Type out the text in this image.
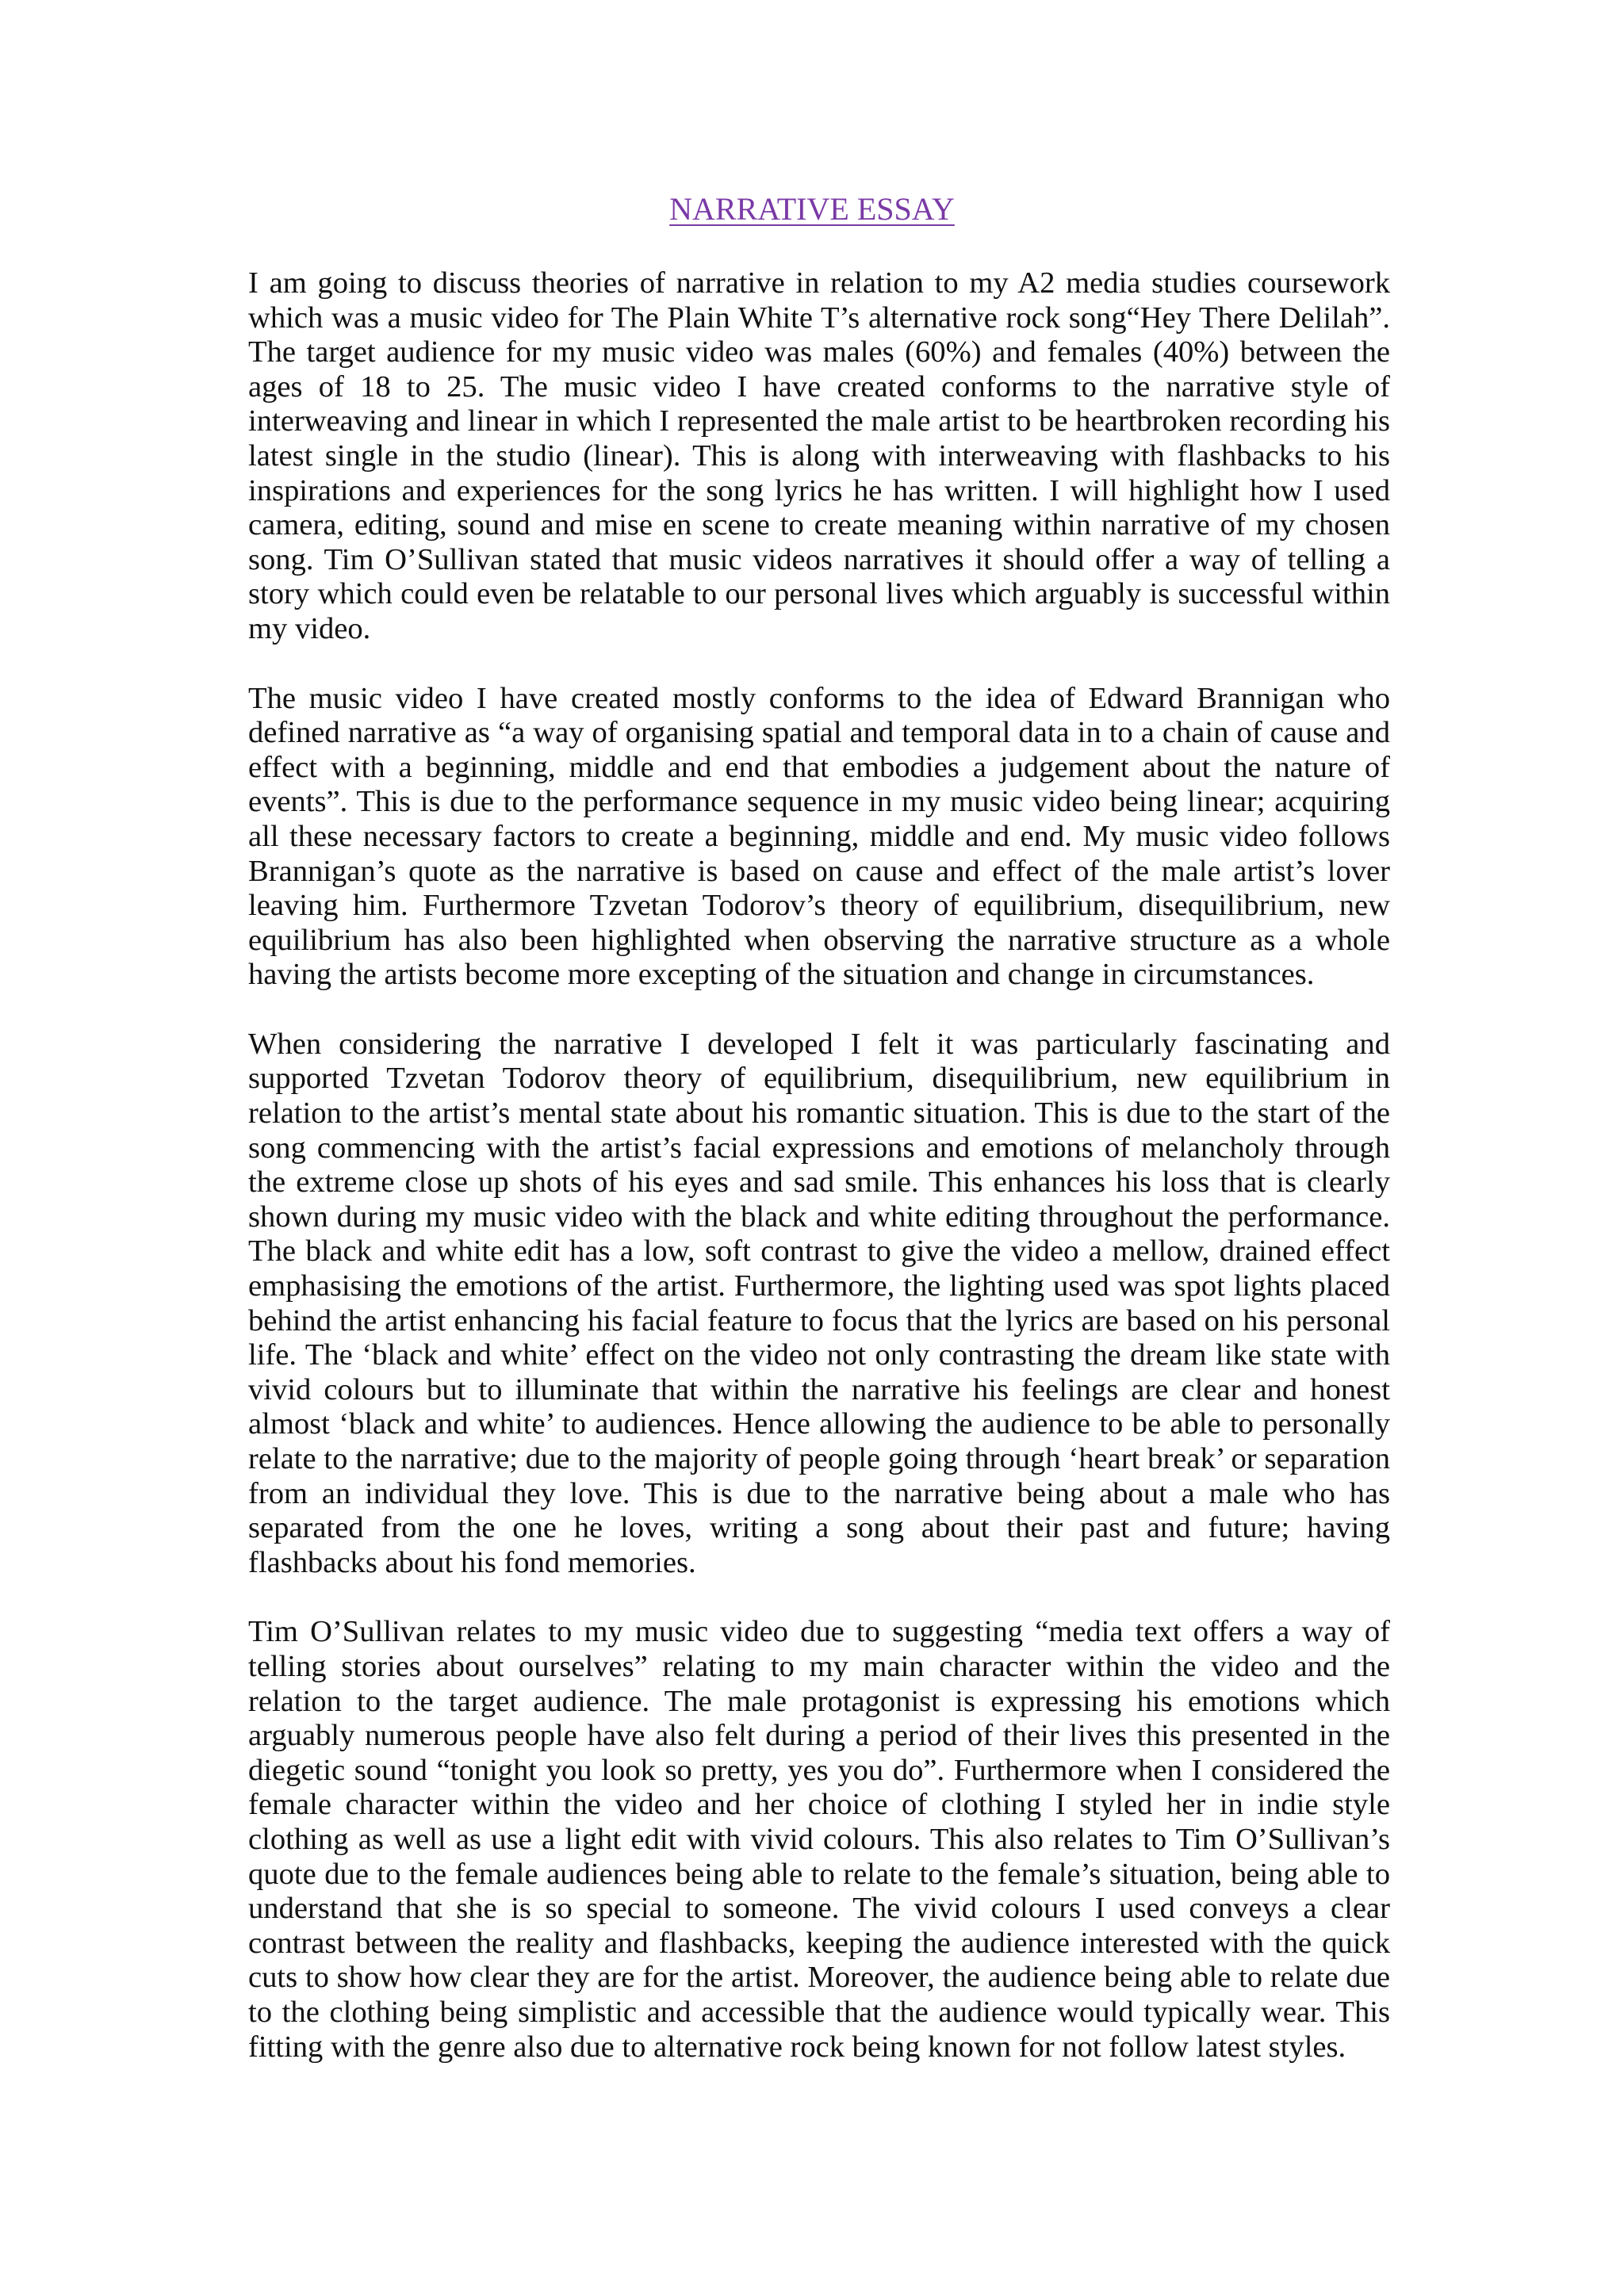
NARRATIVE ESSAY

I am going to discuss theories of narrative in relation to my A2 media studies coursework which was a music video for The Plain White T’s alternative rock song“Hey There Delilah”. The target audience for my music video was males (60%) and females (40%) between the ages of 18 to 25. The music video I have created conforms to the narrative style of interweaving and linear in which I represented the male artist to be heartbroken recording his latest single in the studio (linear). This is along with interweaving with flashbacks to his inspirations and experiences for the song lyrics he has written. I will highlight how I used camera, editing, sound and mise en scene to create meaning within narrative of my chosen song. Tim O’Sullivan stated that music videos narratives it should offer a way of telling a story which could even be relatable to our personal lives which arguably is successful within my video.

The music video I have created mostly conforms to the idea of Edward Brannigan who defined narrative as “a way of organising spatial and temporal data in to a chain of cause and effect with a beginning, middle and end that embodies a judgement about the nature of events”. This is due to the performance sequence in my music video being linear; acquiring all these necessary factors to create a beginning, middle and end. My music video follows Brannigan’s quote as the narrative is based on cause and effect of the male artist’s lover leaving him. Furthermore Tzvetan Todorov’s theory of equilibrium, disequilibrium, new equilibrium has also been highlighted when observing the narrative structure as a whole having the artists become more excepting of the situation and change in circumstances.

When considering the narrative I developed I felt it was particularly fascinating and supported Tzvetan Todorov theory of equilibrium, disequilibrium, new equilibrium in relation to the artist’s mental state about his romantic situation. This is due to the start of the song commencing with the artist’s facial expressions and emotions of melancholy through the extreme close up shots of his eyes and sad smile. This enhances his loss that is clearly shown during my music video with the black and white editing throughout the performance. The black and white edit has a low, soft contrast to give the video a mellow, drained effect emphasising the emotions of the artist. Furthermore, the lighting used was spot lights placed behind the artist enhancing his facial feature to focus that the lyrics are based on his personal life. The ‘black and white’ effect on the video not only contrasting the dream like state with vivid colours but to illuminate that within the narrative his feelings are clear and honest almost ‘black and white’ to audiences. Hence allowing the audience to be able to personally relate to the narrative; due to the majority of people going through ‘heart break’ or separation from an individual they love. This is due to the narrative being about a male who has separated from the one he loves, writing a song about their past and future; having flashbacks about his fond memories.

Tim O’Sullivan relates to my music video due to suggesting “media text offers a way of telling stories about ourselves” relating to my main character within the video and the relation to the target audience. The male protagonist is expressing his emotions which arguably numerous people have also felt during a period of their lives this presented in the diegetic sound “tonight you look so pretty, yes you do”. Furthermore when I considered the female character within the video and her choice of clothing I styled her in indie style clothing as well as use a light edit with vivid colours. This also relates to Tim O’Sullivan’s quote due to the female audiences being able to relate to the female’s situation, being able to understand that she is so special to someone. The vivid colours I used conveys a clear contrast between the reality and flashbacks, keeping the audience interested with the quick cuts to show how clear they are for the artist. Moreover, the audience being able to relate due to the clothing being simplistic and accessible that the audience would typically wear. This fitting with the genre also due to alternative rock being known for not follow latest styles.
